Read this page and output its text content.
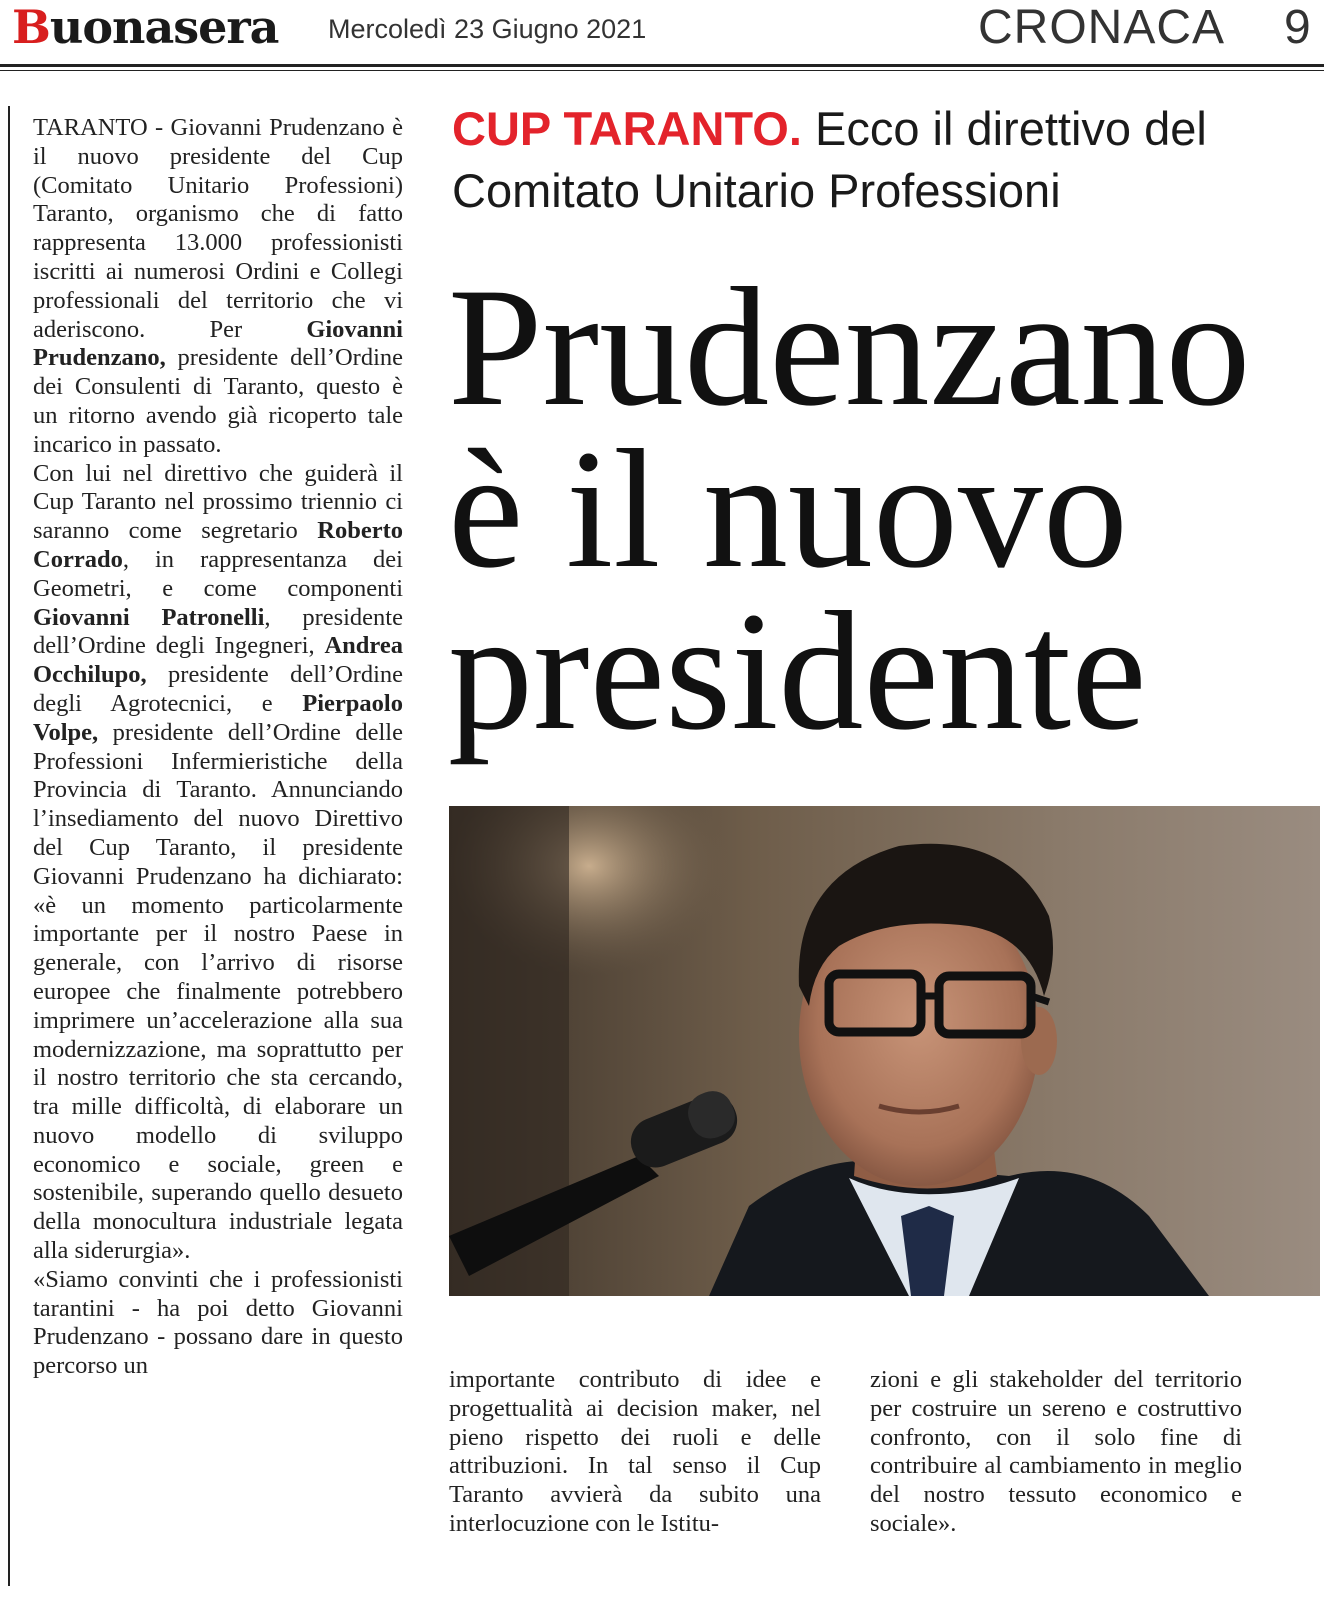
Buonasera Mercoledì 23 Giugno 2021	CRONACA 9
CUP TARANTO. Ecco il direttivo del Comitato Unitario Professioni
Prudenzano
è il nuovo
presidente

TARANTO - Giovanni Prudenzano è il nuovo presidente del Cup (Comitato Unitario Professioni) Taranto, organismo che di fatto rappresenta 13.000 professionisti iscritti ai numerosi Ordini e Collegi professionali del territorio che vi aderiscono. Per Giovanni Prudenzano, presidente dell’Ordine dei Consulenti di Taranto, questo è un ritorno avendo già ricoperto tale incarico in passato.

Con lui nel direttivo che guiderà il Cup Taranto nel prossimo triennio ci saranno come segretario Roberto Corrado, in rappresentanza dei Geometri, e come componenti Giovanni Patronelli, presidente dell’Ordine degli Ingegneri, Andrea Occhilupo, presidente dell’Ordine degli Agrotecnici, e Pierpaolo Volpe, presidente dell’Ordine delle Professioni Infermieristiche della Provincia di Taranto. Annunciando l’insediamento del nuovo Direttivo del Cup Taranto, il presidente Giovanni Prudenzano ha dichiarato: «è un momento particolarmente importante per il nostro Paese in generale, con l’arrivo di risorse europee che finalmente potrebbero imprimere un’accelerazione alla sua modernizzazione, ma soprattutto per il nostro territorio che sta cercando, tra mille difficoltà, di elaborare un nuovo modello di sviluppo economico e sociale, green e sostenibile, superando quello desueto della monocultura industriale legata alla siderurgia».

«Siamo convinti che i professionisti tarantini - ha poi detto Giovanni Prudenzano - possano dare in questo percorso un

importante contributo di idee e progettualità ai decision maker, nel pieno rispetto dei ruoli e delle attribuzioni. In tal senso il Cup Taranto avvierà da subito una interlocuzione con le Istitu-

zioni e gli stakeholder del territorio per costruire un sereno e costruttivo confronto, con il solo fine di contribuire al cambiamento in meglio del nostro tessuto economico e sociale».
